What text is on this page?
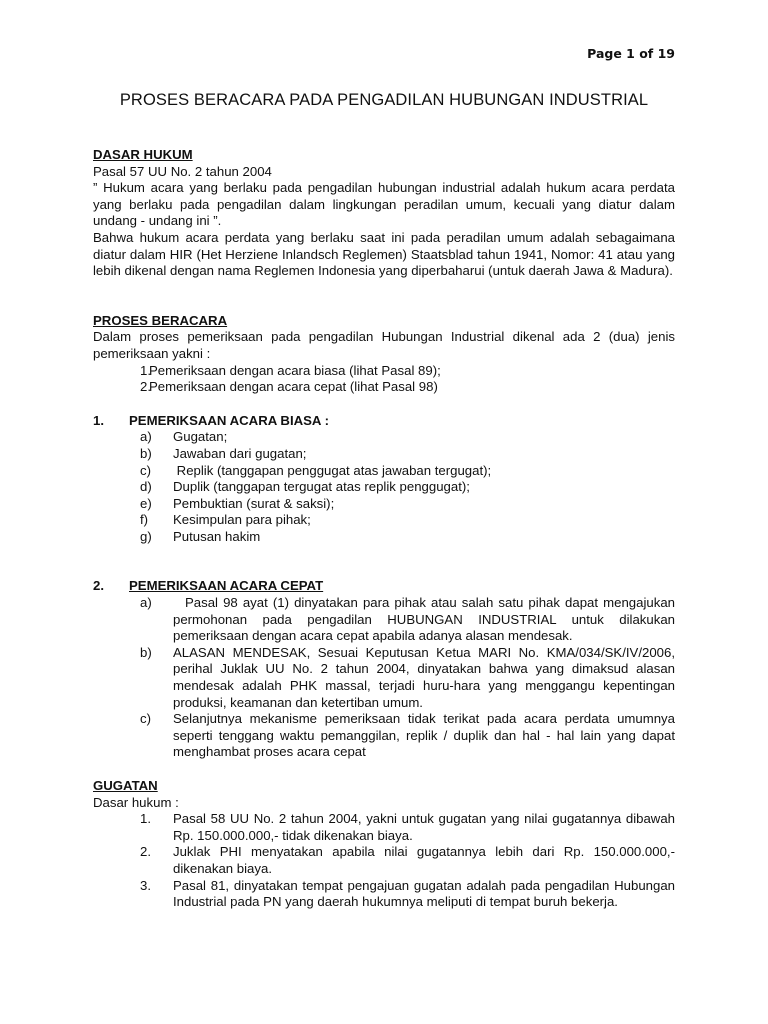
Page 1 of 19
PROSES BERACARA PADA PENGADILAN HUBUNGAN INDUSTRIAL
DASAR HUKUM
Pasal 57 UU No. 2 tahun 2004
” Hukum acara yang berlaku pada pengadilan hubungan industrial adalah hukum acara perdata yang berlaku pada pengadilan dalam lingkungan peradilan umum, kecuali yang diatur dalam undang - undang ini ”.
Bahwa hukum acara perdata yang berlaku saat ini pada peradilan umum adalah sebagaimana diatur dalam HIR (Het Herziene Inlandsch Reglemen) Staatsblad tahun 1941, Nomor: 41 atau yang lebih dikenal dengan nama Reglemen Indonesia yang diperbaharui (untuk daerah Jawa & Madura).
PROSES BERACARA
Dalam proses pemeriksaan pada pengadilan Hubungan Industrial dikenal ada 2 (dua) jenis pemeriksaan yakni :
1.
Pemeriksaan dengan acara biasa (lihat Pasal 89);
2.
Pemeriksaan dengan acara cepat (lihat Pasal 98)
1. PEMERIKSAAN ACARA BIASA :
a) Gugatan;
b) Jawaban dari gugatan;
c) Replik (tanggapan penggugat atas jawaban tergugat);
d) Duplik (tanggapan tergugat atas replik penggugat);
e) Pembuktian (surat & saksi);
f) Kesimpulan para pihak;
g) Putusan hakim
2. PEMERIKSAAN ACARA CEPAT
a)	Pasal 98 ayat (1) dinyatakan para pihak atau salah satu pihak dapat mengajukan permohonan pada pengadilan HUBUNGAN INDUSTRIAL untuk dilakukan pemeriksaan dengan acara cepat apabila adanya alasan mendesak.
b) ALASAN MENDESAK, Sesuai Keputusan Ketua MARI No. KMA/034/SK/IV/2006, perihal Juklak UU No. 2 tahun 2004, dinyatakan bahwa yang dimaksud alasan mendesak adalah PHK massal, terjadi huru-hara yang menggangu kepentingan produksi, keamanan dan ketertiban umum.
c) Selanjutnya mekanisme pemeriksaan tidak terikat pada acara perdata umumnya seperti tenggang waktu pemanggilan, replik / duplik dan hal - hal lain yang dapat menghambat proses acara cepat
GUGATAN
Dasar hukum :
1. Pasal 58 UU No. 2 tahun 2004, yakni untuk gugatan yang nilai gugatannya dibawah Rp. 150.000.000,- tidak dikenakan biaya.
2. Juklak PHI menyatakan apabila nilai gugatannya lebih dari Rp. 150.000.000,- dikenakan biaya.
3. Pasal 81, dinyatakan tempat pengajuan gugatan adalah pada pengadilan Hubungan Industrial pada PN yang daerah hukumnya meliputi di tempat buruh bekerja.
